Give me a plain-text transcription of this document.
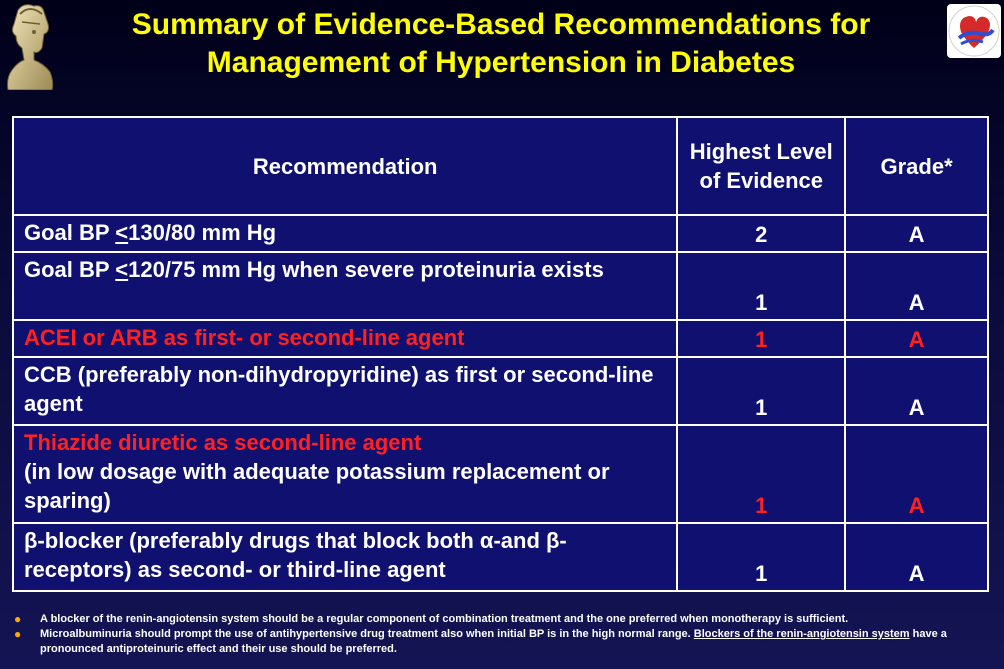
Summary of Evidence-Based Recommendations for
Management of Hypertension in Diabetes
Recommendation	Highest Level of Evidence	Grade*
Goal BP <130/80 mm Hg	2	A
Goal BP <120/75 mm Hg when severe proteinuria exists	1	A
ACEI or ARB as first- or second-line agent	1	A
CCB (preferably non-dihydropyridine) as first or second-line agent	1	A

Thiazide diuretic as second-line agent
(in low dosage with adequate potassium replacement or sparing)	1	A
β-blocker (preferably drugs that block both α-and β-receptors) as second- or third-line agent	1	A
● A blocker of the renin-angiotensin system should be a regular component of combination treatment and the one preferred when monotherapy is sufficient.
● Microalbuminuria should prompt the use of antihypertensive drug treatment also when initial BP is in the high normal range. Blockers of the renin-angiotensin system have a pronounced antiproteinuric effect and their use should be preferred.
